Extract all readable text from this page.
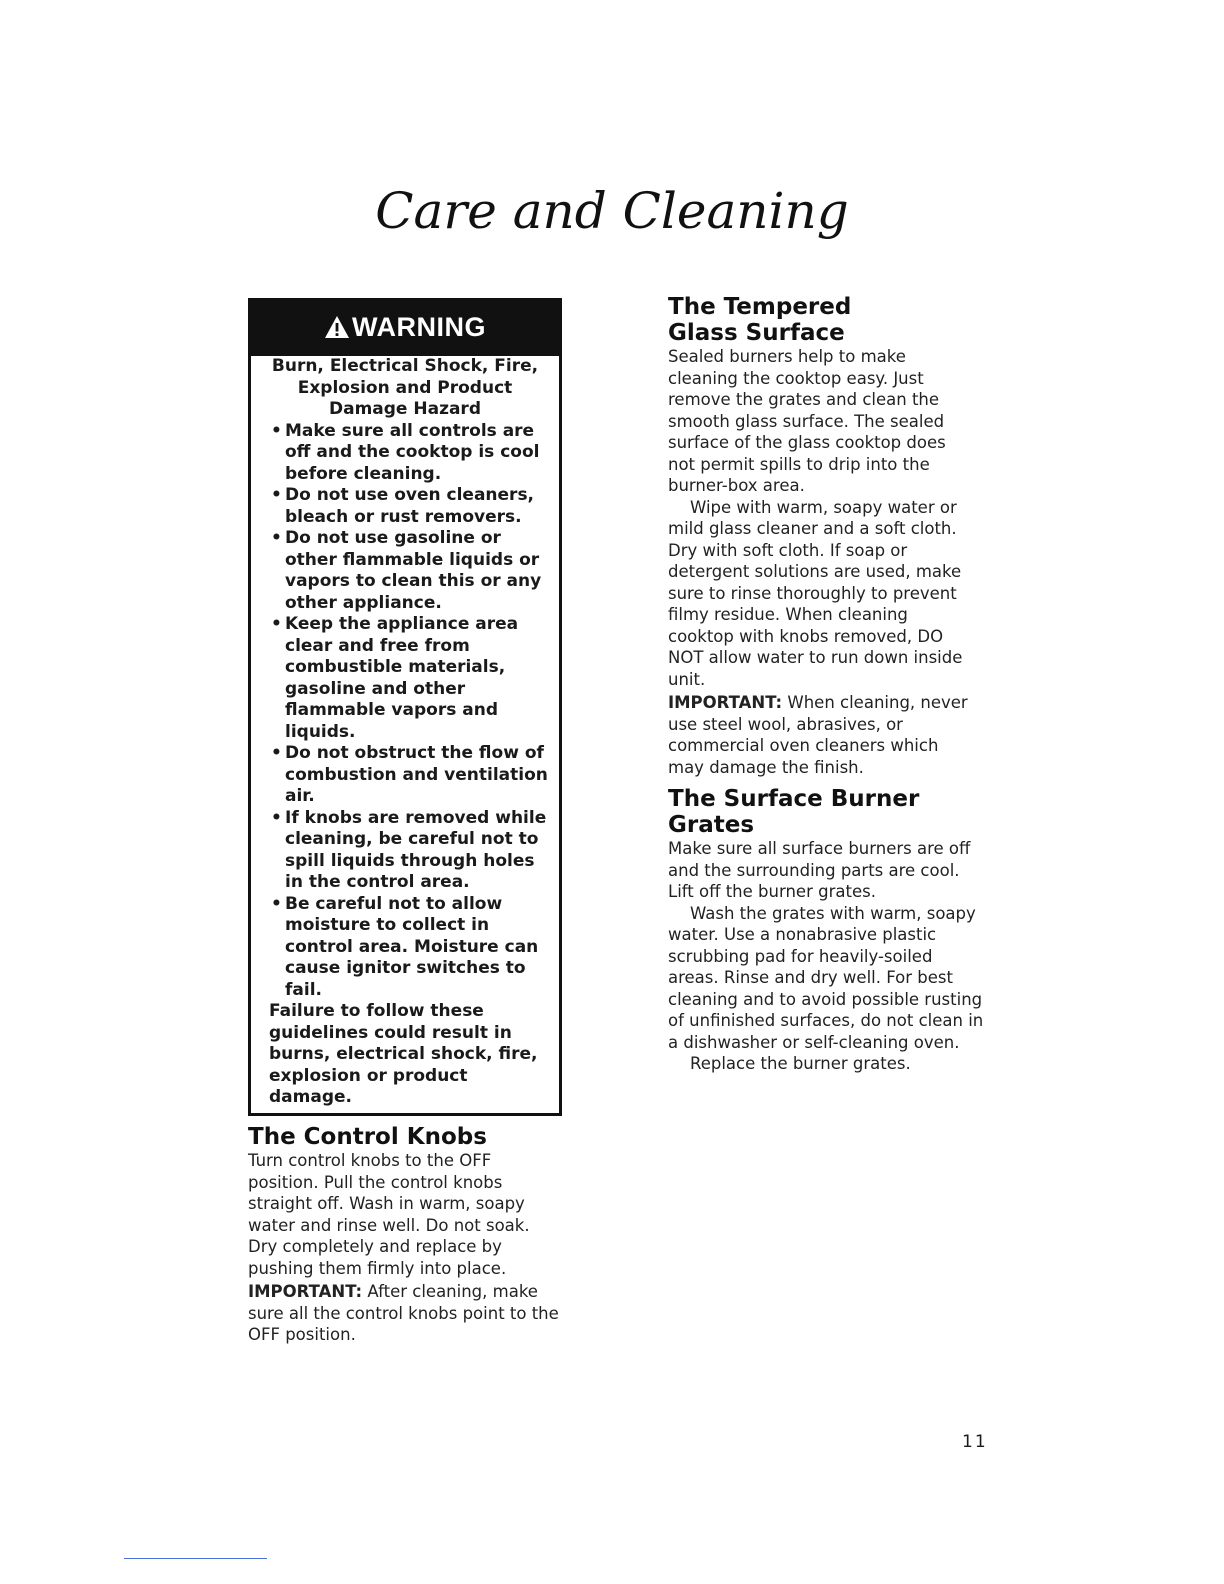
Care and Cleaning
WARNING
Burn, Electrical Shock, Fire,
Explosion and Product
Damage Hazard
• Make sure all controls are off and the cooktop is cool before cleaning.
• Do not use oven cleaners, bleach or rust removers.
• Do not use gasoline or other flammable liquids or vapors to clean this or any other appliance.
• Keep the appliance area clear and free from combustible materials, gasoline and other flammable vapors and liquids.
• Do not obstruct the flow of combustion and ventilation air.
• If knobs are removed while cleaning, be careful not to spill liquids through holes in the control area.
• Be careful not to allow moisture to collect in control area. Moisture can cause ignitor switches to fail.
Failure to follow these guidelines could result in burns, electrical shock, fire, explosion or product damage.
The Control Knobs

Turn control knobs to the OFF position. Pull the control knobs straight off. Wash in warm, soapy water and rinse well. Do not soak. Dry completely and replace by pushing them firmly into place.

IMPORTANT: After cleaning, make sure all the control knobs point to the OFF position.

The Tempered Glass Surface

Sealed burners help to make cleaning the cooktop easy. Just remove the grates and clean the smooth glass surface. The sealed surface of the glass cooktop does not permit spills to drip into the burner-box area.

Wipe with warm, soapy water or mild glass cleaner and a soft cloth. Dry with soft cloth. If soap or detergent solutions are used, make sure to rinse thoroughly to prevent filmy residue. When cleaning cooktop with knobs removed, DO NOT allow water to run down inside unit.

IMPORTANT: When cleaning, never use steel wool, abrasives, or commercial oven cleaners which may damage the finish.

The Surface Burner Grates

Make sure all surface burners are off and the surrounding parts are cool. Lift off the burner grates.

Wash the grates with warm, soapy water. Use a nonabrasive plastic scrubbing pad for heavily-soiled areas. Rinse and dry well. For best cleaning and to avoid possible rusting of unfinished surfaces, do not clean in a dishwasher or self-cleaning oven.

Replace the burner grates.

11
